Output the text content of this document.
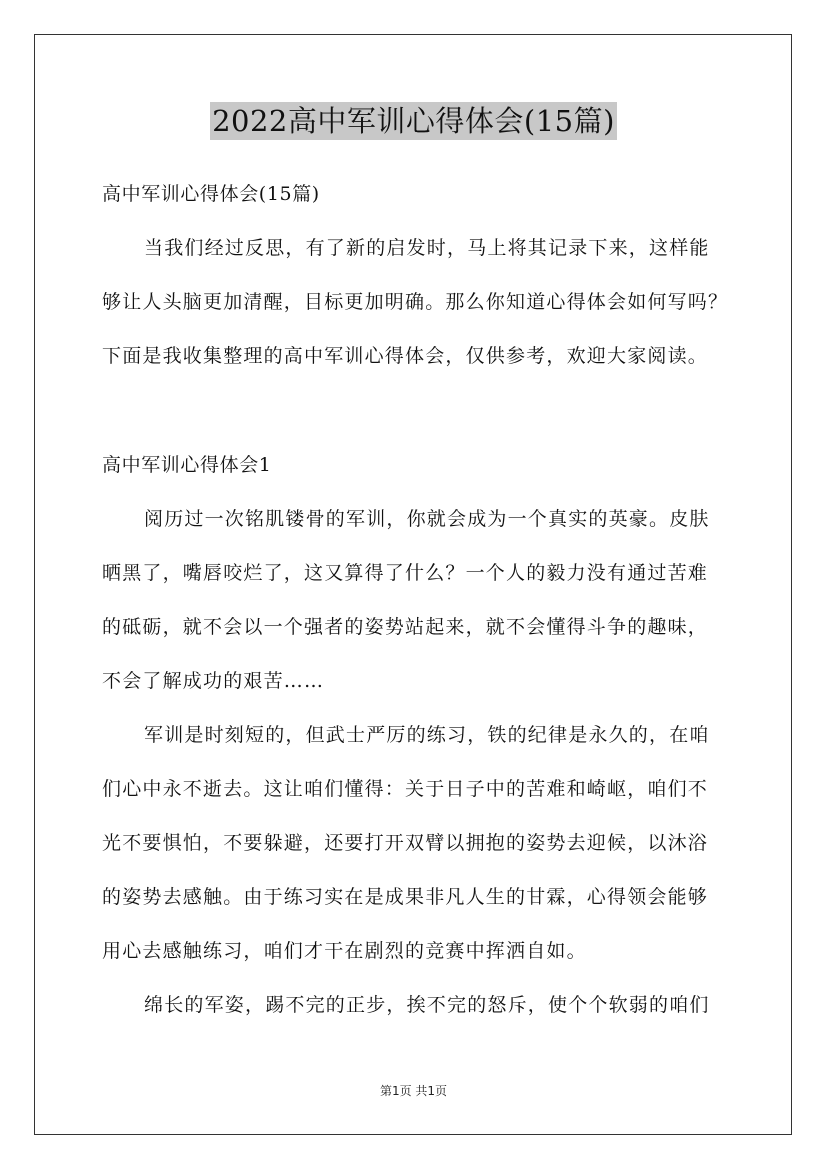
2022高中军训心得体会(15篇)
高中军训心得体会(15篇)
当我们经过反思，有了新的启发时，马上将其记录下来，这样能
够让人头脑更加清醒，目标更加明确。那么你知道心得体会如何写吗？
下面是我收集整理的高中军训心得体会，仅供参考，欢迎大家阅读。
高中军训心得体会1
阅历过一次铭肌镂骨的军训，你就会成为一个真实的英豪。皮肤
晒黑了，嘴唇咬烂了，这又算得了什么？一个人的毅力没有通过苦难
的砥砺，就不会以一个强者的姿势站起来，就不会懂得斗争的趣味，
不会了解成功的艰苦……
军训是时刻短的，但武士严厉的练习，铁的纪律是永久的，在咱
们心中永不逝去。这让咱们懂得：关于日子中的苦难和崎岖，咱们不
光不要惧怕，不要躲避，还要打开双臂以拥抱的姿势去迎候，以沐浴
的姿势去感触。由于练习实在是成果非凡人生的甘霖，心得领会能够
用心去感触练习，咱们才干在剧烈的竞赛中挥洒自如。
绵长的军姿，踢不完的正步，挨不完的怒斥，使个个软弱的咱们
第1页 共1页
